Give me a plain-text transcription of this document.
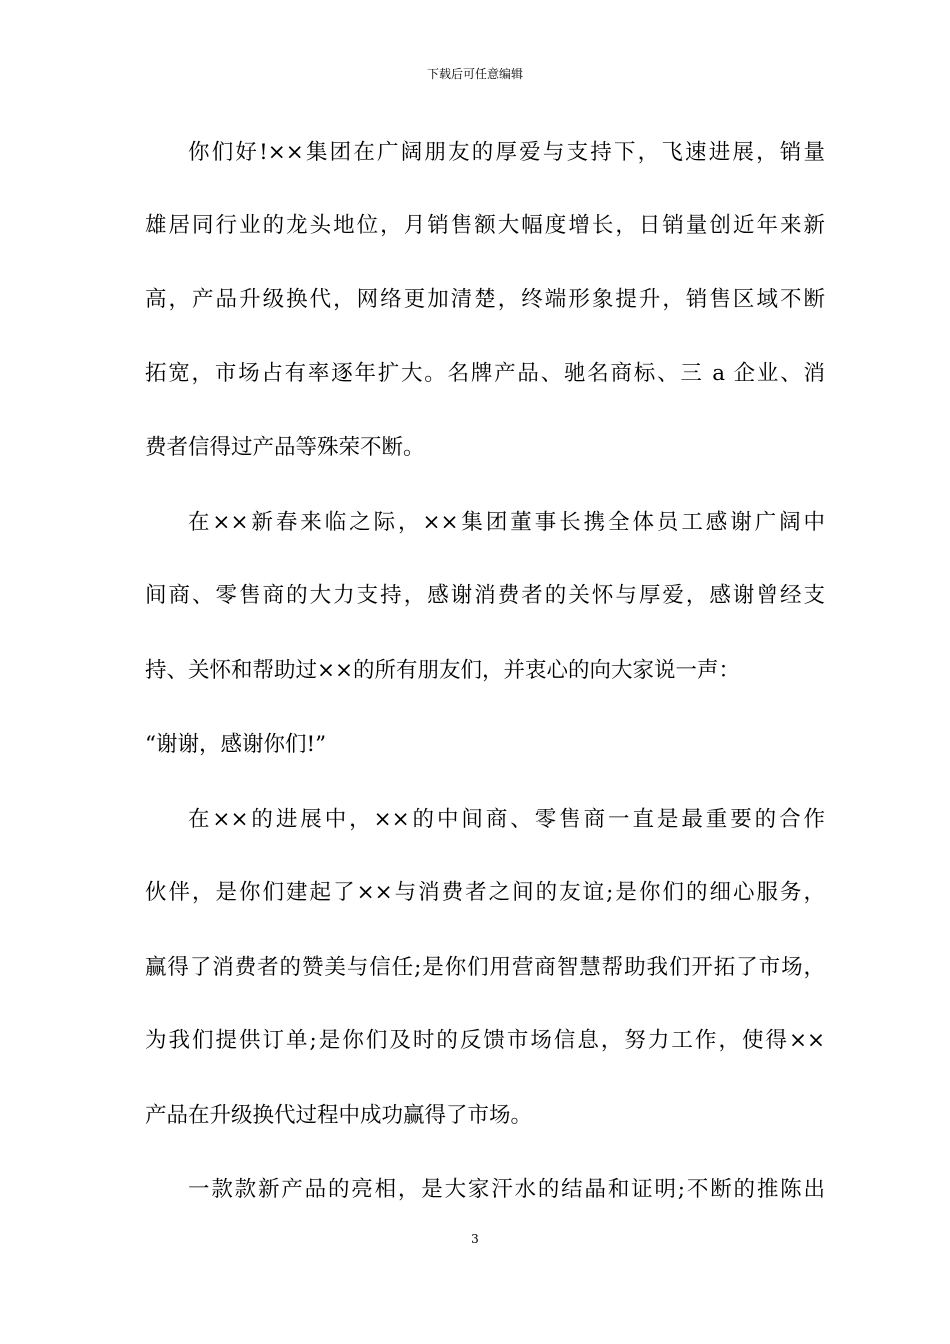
下载后可任意编辑
你们好!××集团在广阔朋友的厚爱与支持下，飞速进展，销量
雄居同行业的龙头地位，月销售额大幅度增长，日销量创近年来新
高，产品升级换代，网络更加清楚，终端形象提升，销售区域不断
拓宽，市场占有率逐年扩大。名牌产品、驰名商标、三 a 企业、消
费者信得过产品等殊荣不断。
在××新春来临之际，××集团董事长携全体员工感谢广阔中
间商、零售商的大力支持，感谢消费者的关怀与厚爱，感谢曾经支
持、关怀和帮助过××的所有朋友们，并衷心的向大家说一声：
“谢谢，感谢你们!”
在××的进展中，××的中间商、零售商一直是最重要的合作
伙伴，是你们建起了××与消费者之间的友谊;是你们的细心服务，
赢得了消费者的赞美与信任;是你们用营商智慧帮助我们开拓了市场，
为我们提供订单;是你们及时的反馈市场信息，努力工作，使得××
产品在升级换代过程中成功赢得了市场。
一款款新产品的亮相，是大家汗水的结晶和证明;不断的推陈出
3
